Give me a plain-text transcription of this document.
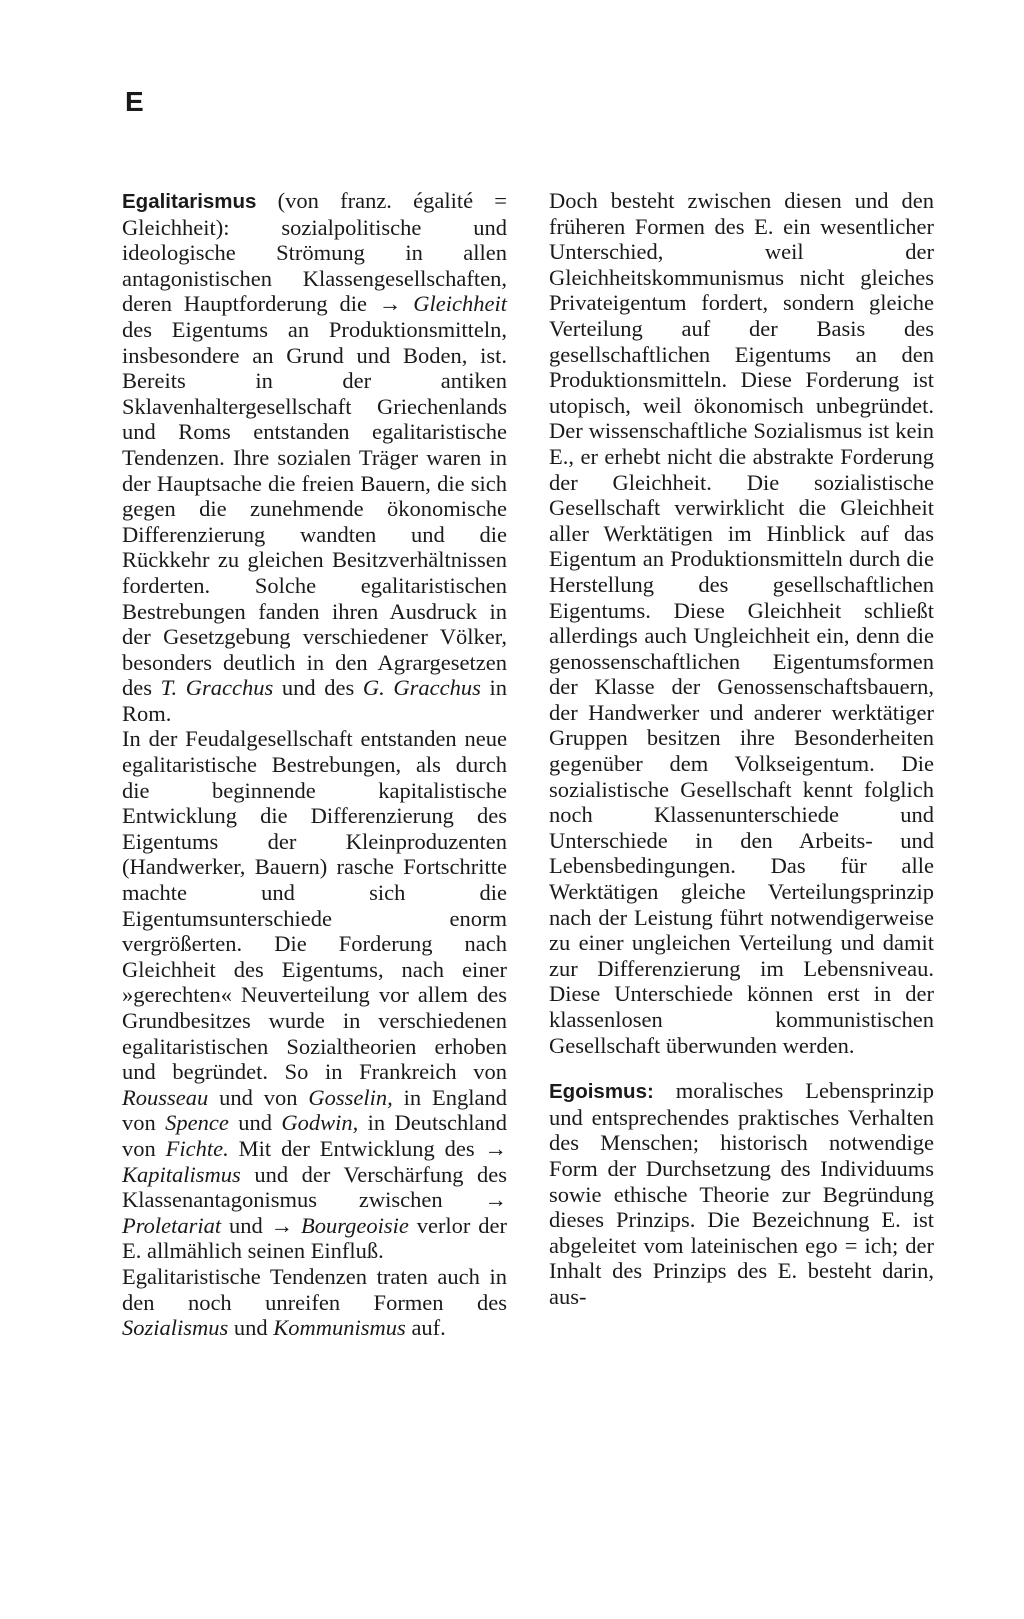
E

Egalitarismus (von franz. égalité = Gleichheit): sozialpolitische und ideologische Strömung in allen antagonistischen Klassengesellschaften, deren Hauptforderung die → Gleichheit des Eigentums an Produktionsmitteln, insbesondere an Grund und Boden, ist. Bereits in der antiken Sklavenhaltergesellschaft Griechenlands und Roms entstanden egalitaristische Tendenzen. Ihre sozialen Träger waren in der Hauptsache die freien Bauern, die sich gegen die zunehmende ökonomische Differenzierung wandten und die Rückkehr zu gleichen Besitzverhältnissen forderten. Solche egalitaristischen Bestrebungen fanden ihren Ausdruck in der Gesetzgebung verschiedener Völker, besonders deutlich in den Agrargesetzen des T. Gracchus und des G. Gracchus in Rom.

In der Feudalgesellschaft entstanden neue egalitaristische Bestrebungen, als durch die beginnende kapitalistische Entwicklung die Differenzierung des Eigentums der Kleinproduzenten (Handwerker, Bauern) rasche Fortschritte machte und sich die Eigentumsunterschiede enorm vergrößerten. Die Forderung nach Gleichheit des Eigentums, nach einer »gerechten« Neuverteilung vor allem des Grundbesitzes wurde in verschiedenen egalitaristischen Sozialtheorien erhoben und begründet. So in Frankreich von Rousseau und von Gosselin, in England von Spence und Godwin, in Deutschland von Fichte. Mit der Entwicklung des → Kapitalismus und der Verschärfung des Klassenantagonismus zwischen → Proletariat und → Bourgeoisie verlor der E. allmählich seinen Einfluß.

Egalitaristische Tendenzen traten auch in den noch unreifen Formen des Sozialismus und Kommunismus auf.

Doch besteht zwischen diesen und den früheren Formen des E. ein wesentlicher Unterschied, weil der Gleichheitskommunismus nicht gleiches Privateigentum fordert, sondern gleiche Verteilung auf der Basis des gesellschaftlichen Eigentums an den Produktionsmitteln. Diese Forderung ist utopisch, weil ökonomisch unbegründet. Der wissenschaftliche Sozialismus ist kein E., er erhebt nicht die abstrakte Forderung der Gleichheit. Die sozialistische Gesellschaft verwirklicht die Gleichheit aller Werktätigen im Hinblick auf das Eigentum an Produktionsmitteln durch die Herstellung des gesellschaftlichen Eigentums. Diese Gleichheit schließt allerdings auch Ungleichheit ein, denn die genossenschaftlichen Eigentumsformen der Klasse der Genossenschaftsbauern, der Handwerker und anderer werktätiger Gruppen besitzen ihre Besonderheiten gegenüber dem Volkseigentum. Die sozialistische Gesellschaft kennt folglich noch Klassenunterschiede und Unterschiede in den Arbeits- und Lebensbedingungen. Das für alle Werktätigen gleiche Verteilungsprinzip nach der Leistung führt notwendigerweise zu einer ungleichen Verteilung und damit zur Differenzierung im Lebensniveau. Diese Unterschiede können erst in der klassenlosen kommunistischen Gesellschaft überwunden werden.

Egoismus: moralisches Lebensprinzip und entsprechendes praktisches Verhalten des Menschen; historisch notwendige Form der Durchsetzung des Individuums sowie ethische Theorie zur Begründung dieses Prinzips. Die Bezeichnung E. ist abgeleitet vom lateinischen ego = ich; der Inhalt des Prinzips des E. besteht darin, aus-
